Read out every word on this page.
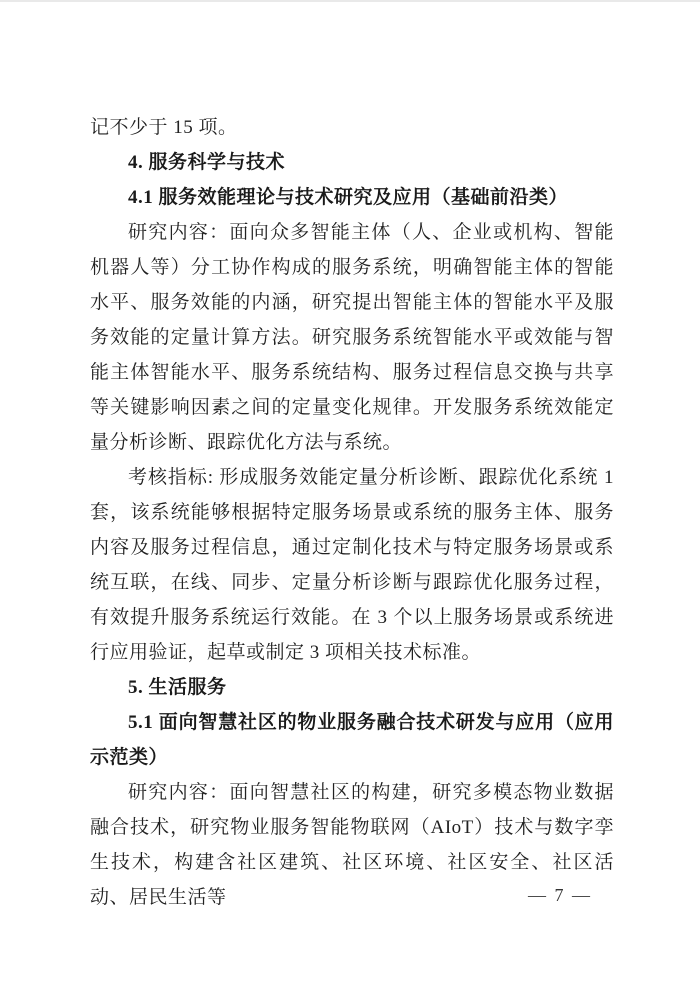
记不少于 15 项。

4. 服务科学与技术

4.1 服务效能理论与技术研究及应用（基础前沿类）

研究内容：面向众多智能主体（人、企业或机构、智能机器人等）分工协作构成的服务系统，明确智能主体的智能水平、服务效能的内涵，研究提出智能主体的智能水平及服务效能的定量计算方法。研究服务系统智能水平或效能与智能主体智能水平、服务系统结构、服务过程信息交换与共享等关键影响因素之间的定量变化规律。开发服务系统效能定量分析诊断、跟踪优化方法与系统。

考核指标: 形成服务效能定量分析诊断、跟踪优化系统 1 套，该系统能够根据特定服务场景或系统的服务主体、服务内容及服务过程信息，通过定制化技术与特定服务场景或系统互联，在线、同步、定量分析诊断与跟踪优化服务过程，有效提升服务系统运行效能。在 3 个以上服务场景或系统进行应用验证，起草或制定 3 项相关技术标准。

5. 生活服务

5.1 面向智慧社区的物业服务融合技术研发与应用（应用示范类）

研究内容：面向智慧社区的构建，研究多模态物业数据融合技术，研究物业服务智能物联网（AIoT）技术与数字孪生技术，构建含社区建筑、社区环境、社区安全、社区活动、居民生活等	— 7 —
